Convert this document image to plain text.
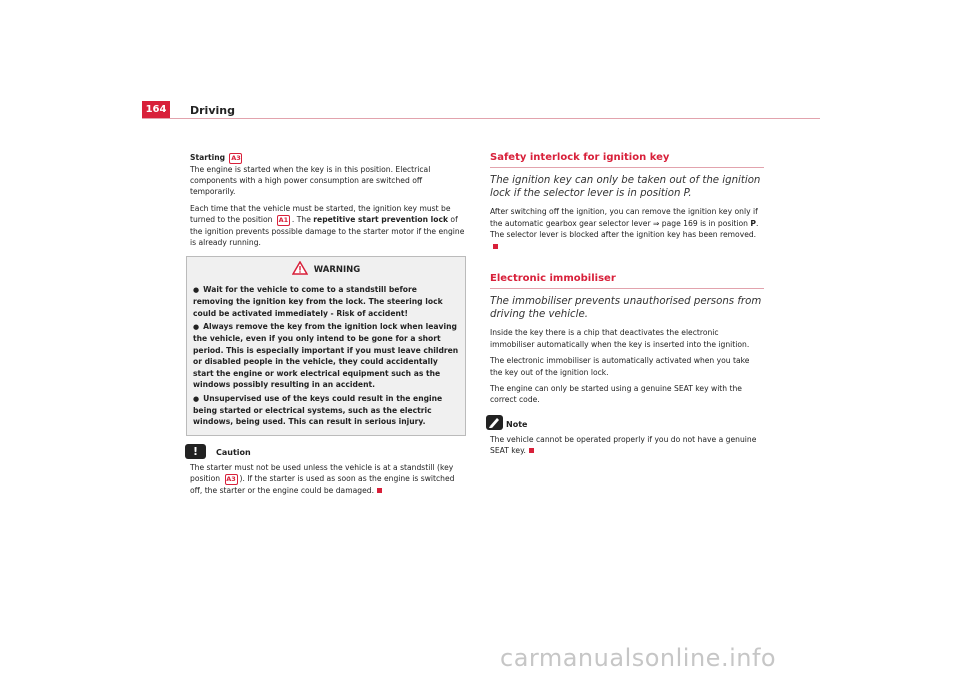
164	Driving

Starting A3
The engine is started when the key is in this position. Electrical components with a high power consumption are switched off temporarily.

Each time that the vehicle must be started, the ignition key must be turned to the position A1 . The repetitive start prevention lock of the ignition prevents possible damage to the starter motor if the engine is already running.

WARNING
● Wait for the vehicle to come to a standstill before removing the ignition key from the lock. The steering lock could be activated immediately - Risk of accident!
● Always remove the key from the ignition lock when leaving the vehicle, even if you only intend to be gone for a short period. This is especially important if you must leave children or disabled people in the vehicle, they could accidentally start the engine or work electrical equipment such as the windows possibly resulting in an accident.
● Unsupervised use of the keys could result in the engine being started or electrical systems, such as the electric windows, being used. This can result in serious injury.
!	Caution

The starter must not be used unless the vehicle is at a standstill (key position A3 ). If the starter is used as soon as the engine is switched off, the starter or the engine could be damaged.

Safety interlock for ignition key
The ignition key can only be taken out of the ignition lock if the selector lever is in position P.

After switching off the ignition, you can remove the ignition key only if the automatic gearbox gear selector lever ⇒ page 169 is in position P. The selector lever is blocked after the ignition key has been removed.

Electronic immobiliser
The immobiliser prevents unauthorised persons from driving the vehicle.

Inside the key there is a chip that deactivates the electronic immobiliser automatically when the key is inserted into the ignition.

The electronic immobiliser is automatically activated when you take the key out of the ignition lock.

The engine can only be started using a genuine SEAT key with the correct code.

Note

The vehicle cannot be operated properly if you do not have a genuine SEAT key.

carmanualsonline.info
